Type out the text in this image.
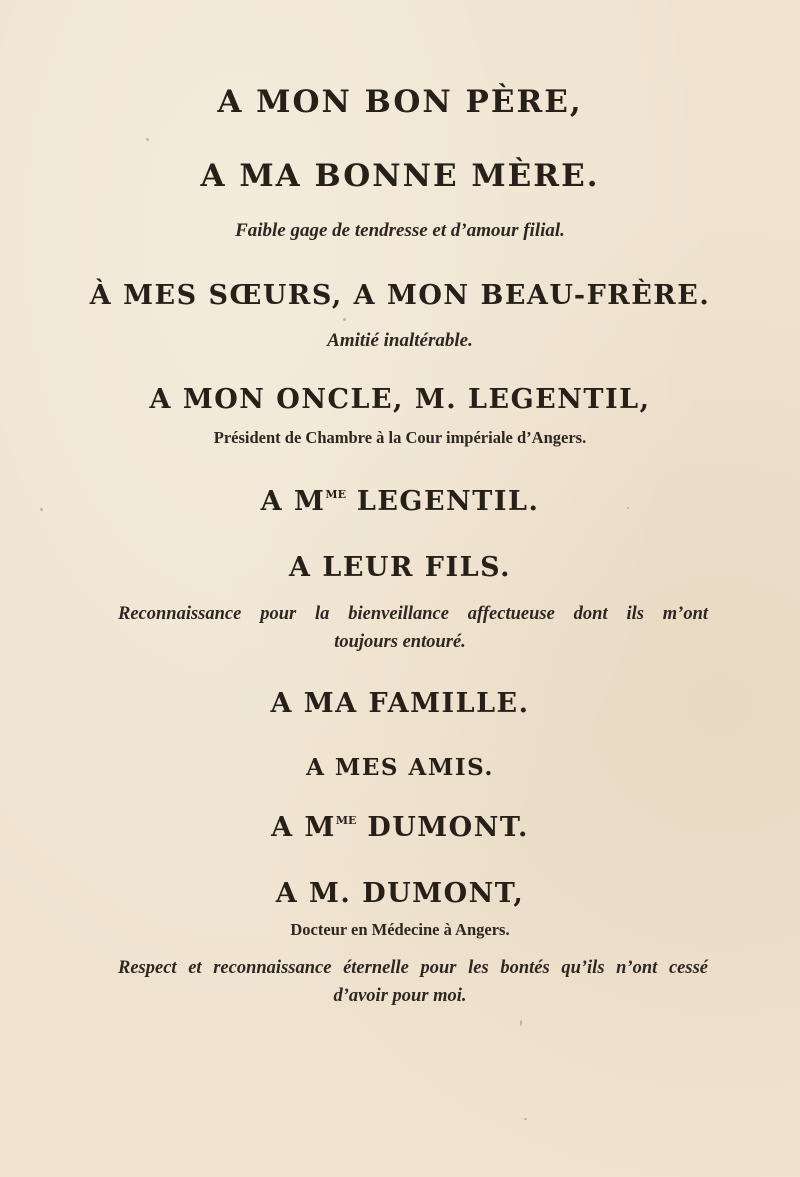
A MON BON PÈRE,
A MA BONNE MÈRE.
Faible gage de tendresse et d’amour filial.
À MES SŒURS, A MON BEAU-FRÈRE.
Amitié inaltérable.
A MON ONCLE, M. LEGENTIL,
Président de Chambre à la Cour impériale d’Angers.
A $M^{ME}$ LEGENTIL.
A LEUR FILS.
Reconnaissance pour la bienveillance affectueuse dont ils m’ont
toujours entouré.
A MA FAMILLE.
A MES AMIS.
A $M^{ME}$ DUMONT.
A M. DUMONT,
Docteur en Médecine à Angers.
Respect et reconnaissance éternelle pour les bontés qu’ils n’ont cessé
d’avoir pour moi.
